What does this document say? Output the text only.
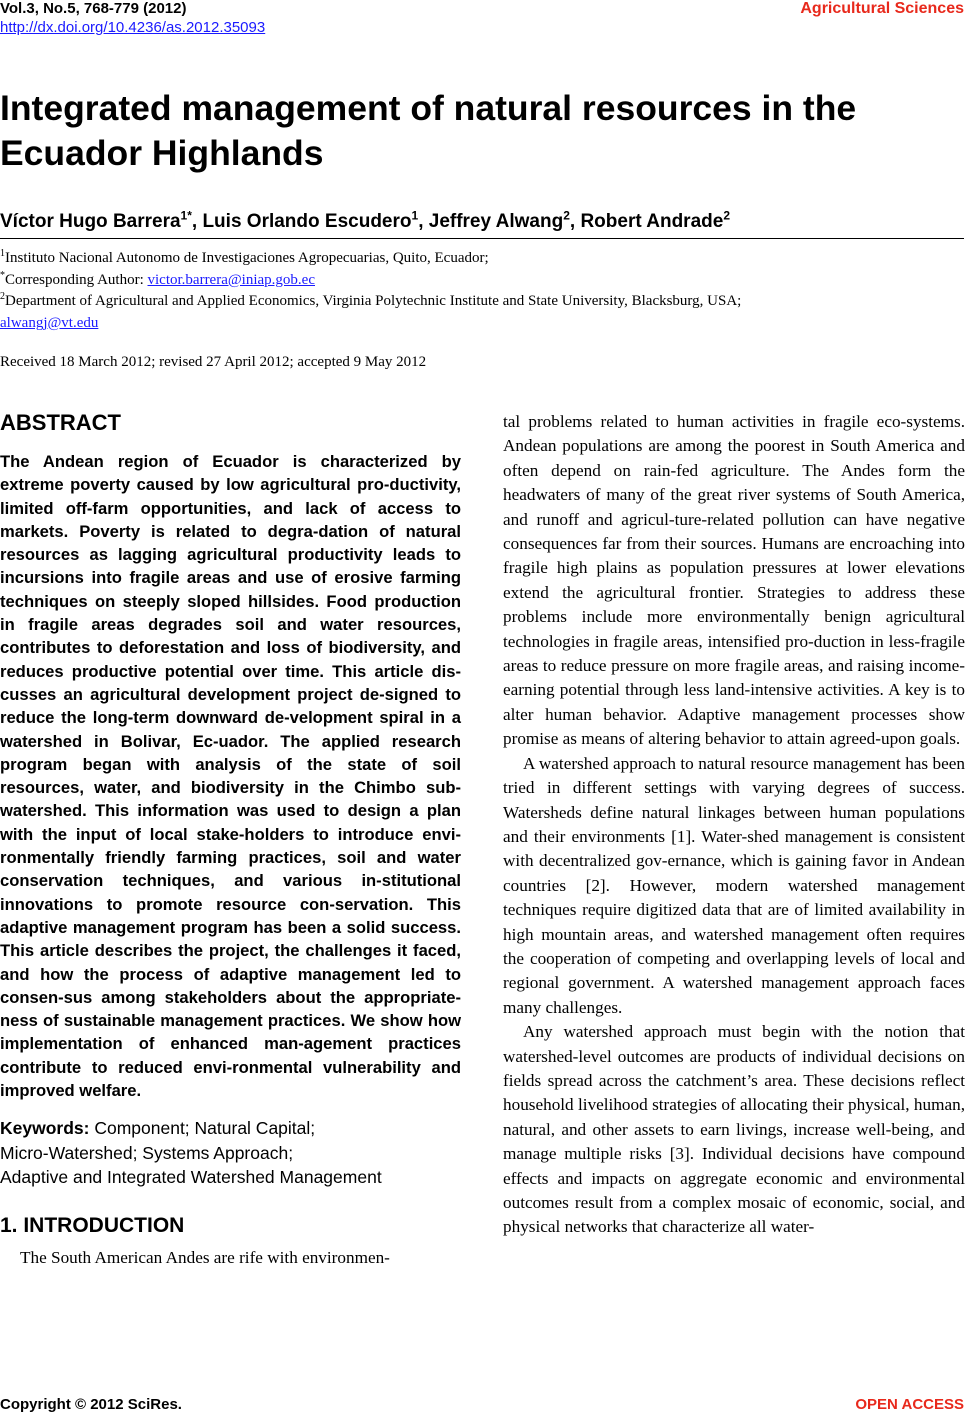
Vol.3, No.5, 768-779 (2012)
http://dx.doi.org/10.4236/as.2012.35093
Agricultural Sciences
Integrated management of natural resources in the Ecuador Highlands
Víctor Hugo Barrera$^{1*}$, Luis Orlando Escudero$^1$, Jeffrey Alwang$^2$, Robert Andrade$^2$
$^1$Instituto Nacional Autonomo de Investigaciones Agropecuarias, Quito, Ecuador;
*Corresponding Author: victor.barrera@iniap.gob.ec
$^2$Department of Agricultural and Applied Economics, Virginia Polytechnic Institute and State University, Blacksburg, USA;
alwangj@vt.edu
Received 18 March 2012; revised 27 April 2012; accepted 9 May 2012
ABSTRACT

The Andean region of Ecuador is characterized by extreme poverty caused by low agricultural pro-ductivity, limited off-farm opportunities, and lack of access to markets. Poverty is related to degra-dation of natural resources as lagging agricultural productivity leads to incursions into fragile areas and use of erosive farming techniques on steeply sloped hillsides. Food production in fragile areas degrades soil and water resources, contributes to deforestation and loss of biodiversity, and reduces productive potential over time. This article dis-cusses an agricultural development project de-signed to reduce the long-term downward de-velopment spiral in a watershed in Bolivar, Ec-uador. The applied research program began with analysis of the state of soil resources, water, and biodiversity in the Chimbo sub-watershed. This information was used to design a plan with the input of local stake-holders to introduce envi-ronmentally friendly farming practices, soil and water conservation techniques, and various in-stitutional innovations to promote resource con-servation. This adaptive management program has been a solid success. This article describes the project, the challenges it faced, and how the process of adaptive management led to consen-sus among stakeholders about the appropriate-ness of sustainable management practices. We show how implementation of enhanced man-agement practices contribute to reduced envi-ronmental vulnerability and improved welfare.

Keywords: Component; Natural Capital;
Micro-Watershed; Systems Approach;
Adaptive and Integrated Watershed Management
1. INTRODUCTION

The South American Andes are rife with environmen-

tal problems related to human activities in fragile eco-systems. Andean populations are among the poorest in South America and often depend on rain-fed agriculture. The Andes form the headwaters of many of the great river systems of South America, and runoff and agricul-ture-related pollution can have negative consequences far from their sources. Humans are encroaching into fragile high plains as population pressures at lower elevations extend the agricultural frontier. Strategies to address these problems include more environmentally benign agricultural technologies in fragile areas, intensified pro-duction in less-fragile areas to reduce pressure on more fragile areas, and raising income-earning potential through less land-intensive activities. A key is to alter human behavior. Adaptive management processes show promise as means of altering behavior to attain agreed-upon goals.

A watershed approach to natural resource management has been tried in different settings with varying degrees of success. Watersheds define natural linkages between human populations and their environments [1]. Water-shed management is consistent with decentralized gov-ernance, which is gaining favor in Andean countries [2]. However, modern watershed management techniques require digitized data that are of limited availability in high mountain areas, and watershed management often requires the cooperation of competing and overlapping levels of local and regional government. A watershed management approach faces many challenges.

Any watershed approach must begin with the notion that watershed-level outcomes are products of individual decisions on fields spread across the catchment’s area. These decisions reflect household livelihood strategies of allocating their physical, human, natural, and other assets to earn livings, increase well-being, and manage multiple risks [3]. Individual decisions have compound effects and impacts on aggregate economic and environmental outcomes result from a complex mosaic of economic, social, and physical networks that characterize all water-

Copyright © 2012 SciRes.	OPEN ACCESS
